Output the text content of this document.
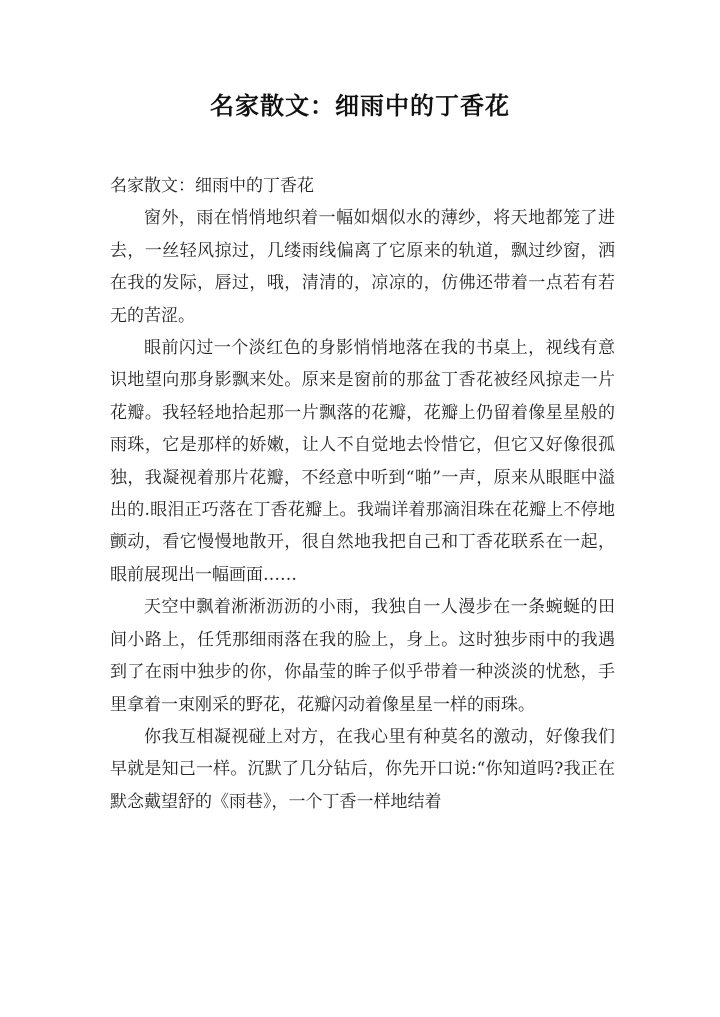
名家散文：细雨中的丁香花

名家散文：细雨中的丁香花

窗外，雨在悄悄地织着一幅如烟似水的薄纱，将天地都笼了进去，一丝轻风掠过，几缕雨线偏离了它原来的轨道，飘过纱窗，洒在我的发际，唇过，哦，清清的，凉凉的，仿佛还带着一点若有若无的苦涩。

眼前闪过一个淡红色的身影悄悄地落在我的书桌上，视线有意识地望向那身影飘来处。原来是窗前的那盆丁香花被经风掠走一片花瓣。我轻轻地拾起那一片飘落的花瓣，花瓣上仍留着像星星般的雨珠，它是那样的娇嫩，让人不自觉地去怜惜它，但它又好像很孤独，我凝视着那片花瓣，不经意中听到“啪”一声，原来从眼眶中溢出的.眼泪正巧落在丁香花瓣上。我端详着那滴泪珠在花瓣上不停地颤动，看它慢慢地散开，很自然地我把自己和丁香花联系在一起，眼前展现出一幅画面……

天空中飘着淅淅沥沥的小雨，我独自一人漫步在一条蜿蜒的田间小路上，任凭那细雨落在我的脸上，身上。这时独步雨中的我遇到了在雨中独步的你，你晶莹的眸子似乎带着一种淡淡的忧愁，手里拿着一束刚采的野花，花瓣闪动着像星星一样的雨珠。

你我互相凝视碰上对方，在我心里有种莫名的激动，好像我们早就是知己一样。沉默了几分钻后，你先开口说:“你知道吗?我正在默念戴望舒的《雨巷》，一个丁香一样地结着
